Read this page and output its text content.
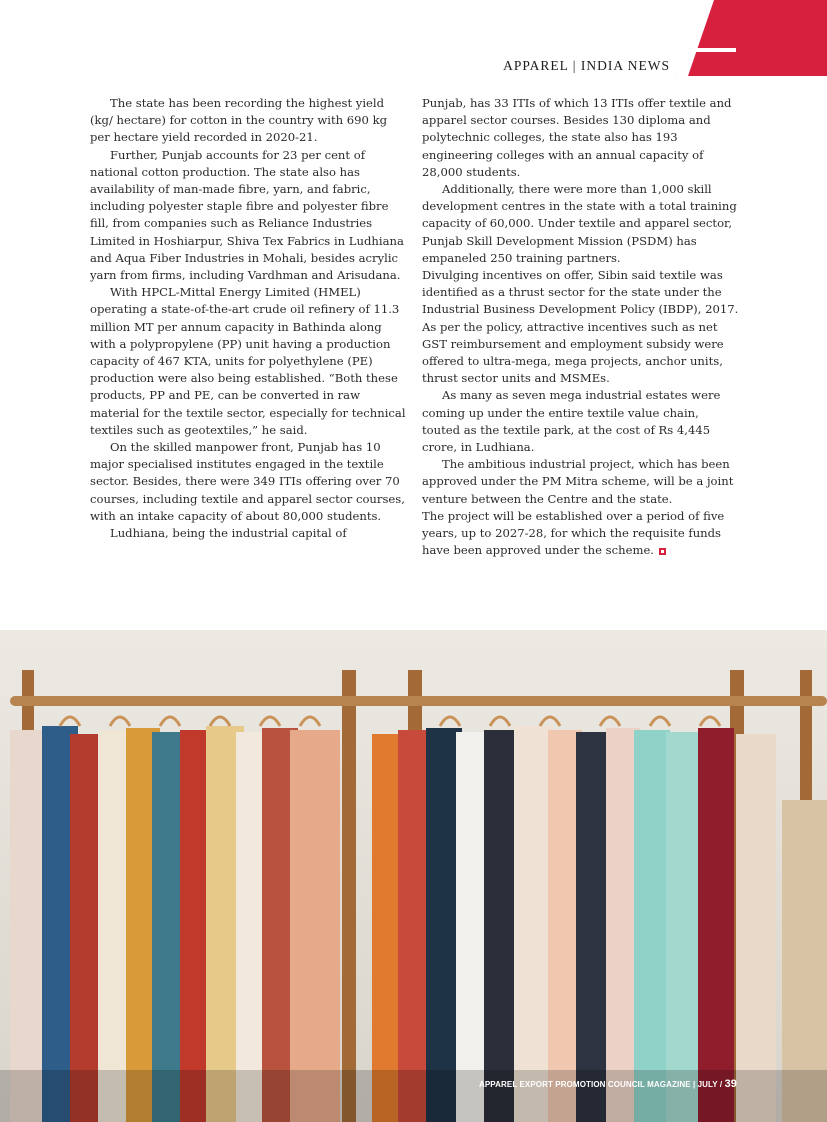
APPAREL | INDIA NEWS

The state has been recording the highest yield (kg/ hectare) for cotton in the country with 690 kg per hectare yield recorded in 2020-21.

Further, Punjab accounts for 23 per cent of national cotton production. The state also has availability of man-made fibre, yarn, and fabric, including polyester staple fibre and polyester fibre fill, from companies such as Reliance Industries Limited in Hoshiarpur, Shiva Tex Fabrics in Ludhiana and Aqua Fiber Industries in Mohali, besides acrylic yarn from firms, including Vardhman and Arisudana.

With HPCL-Mittal Energy Limited (HMEL) operating a state-of-the-art crude oil refinery of 11.3 million MT per annum capacity in Bathinda along with a polypropylene (PP) unit having a production capacity of 467 KTA, units for polyethylene (PE) production were also being established. “Both these products, PP and PE, can be converted in raw material for the textile sector, especially for technical textiles such as geotextiles,” he said.

On the skilled manpower front, Punjab has 10 major specialised institutes engaged in the textile sector. Besides, there were 349 ITIs offering over 70 courses, including textile and apparel sector courses, with an intake capacity of about 80,000 students.

Ludhiana, being the industrial capital of

Punjab, has 33 ITIs of which 13 ITIs offer textile and apparel sector courses. Besides 130 diploma and polytechnic colleges, the state also has 193 engineering colleges with an annual capacity of 28,000 students.

Additionally, there were more than 1,000 skill development centres in the state with a total training capacity of 60,000. Under textile and apparel sector, Punjab Skill Development Mission (PSDM) has empaneled 250 training partners.

Divulging incentives on offer, Sibin said textile was identified as a thrust sector for the state under the Industrial Business Development Policy (IBDP), 2017. As per the policy, attractive incentives such as net GST reimbursement and employment subsidy were offered to ultra-mega, mega projects, anchor units, thrust sector units and MSMEs.

As many as seven mega industrial estates were coming up under the entire textile value chain, touted as the textile park, at the cost of Rs 4,445 crore, in Ludhiana.

The ambitious industrial project, which has been approved under the PM Mitra scheme, will be a joint venture between the Centre and the state.

The project will be established over a period of five years, up to 2027-28, for which the requisite funds have been approved under the scheme.

APPAREL EXPORT PROMOTION COUNCIL MAGAZINE | JULY / 39
